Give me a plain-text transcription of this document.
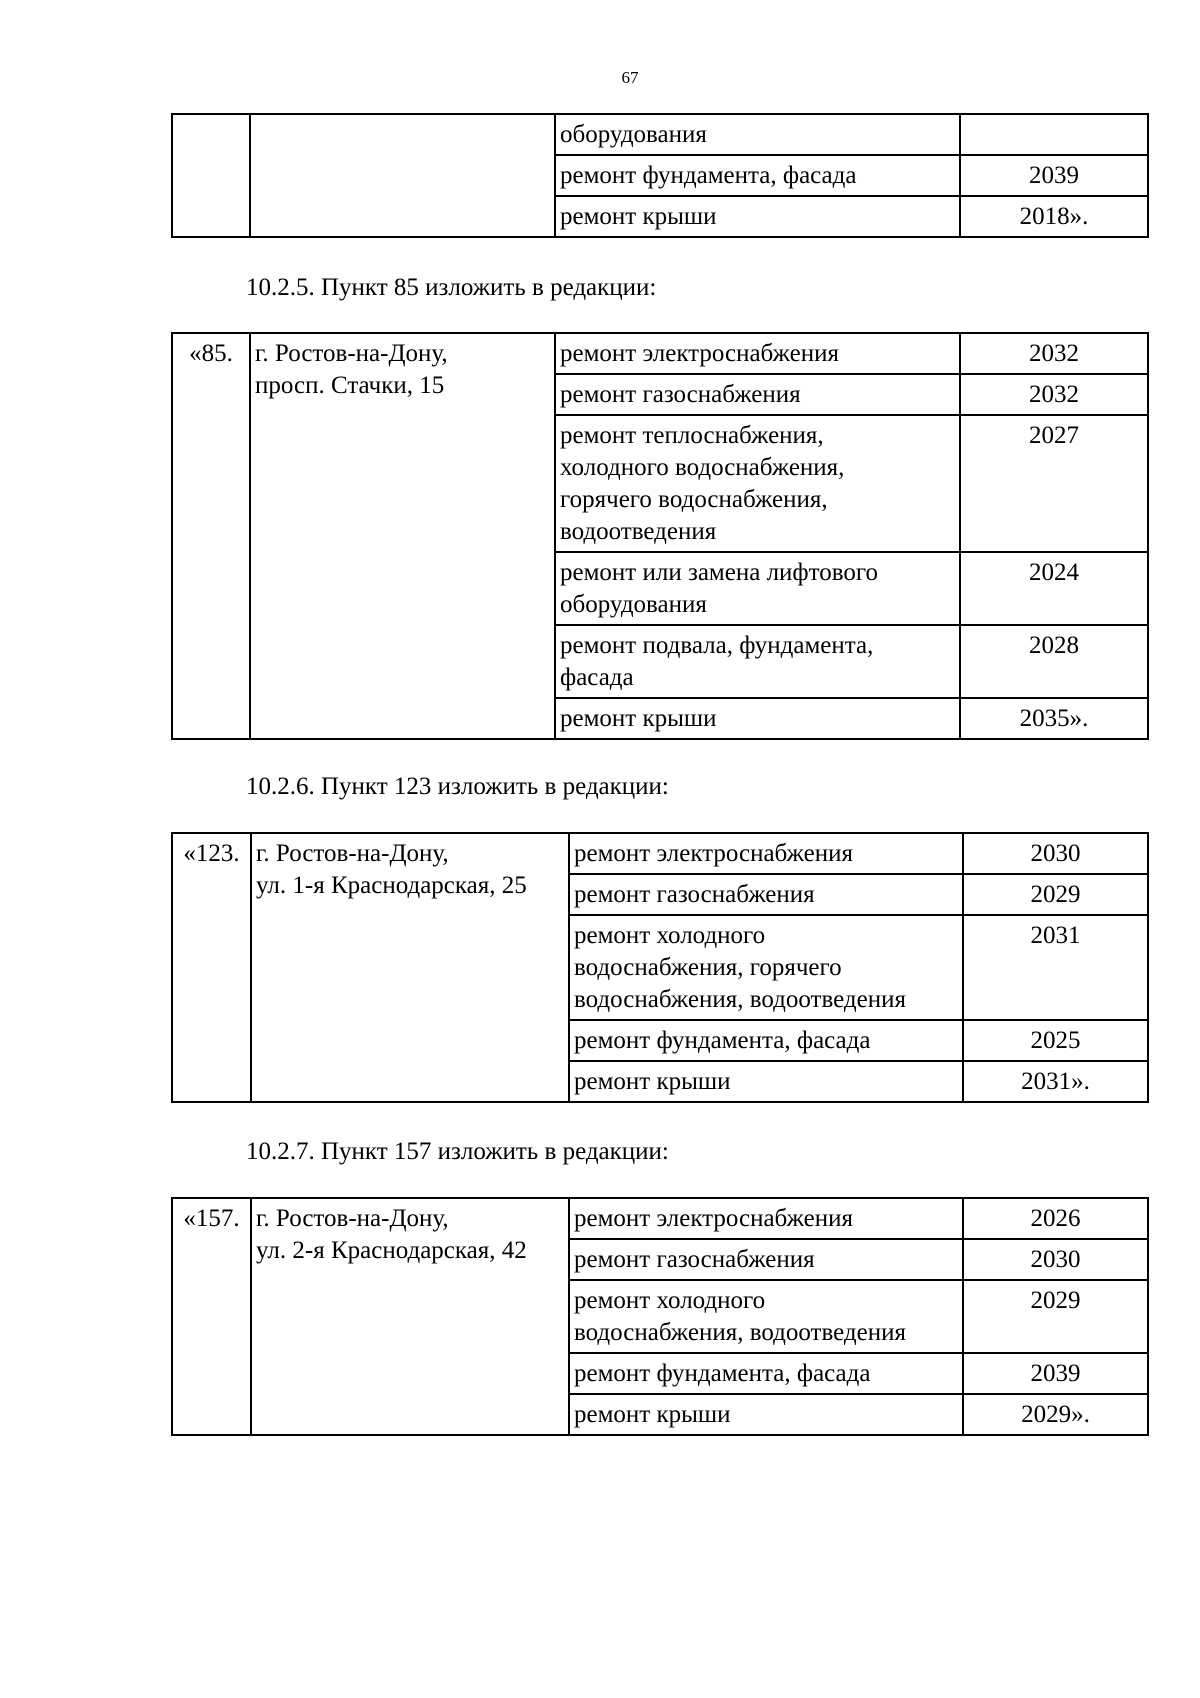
67
		оборудования	
		ремонт фундамента, фасада	2039
		ремонт крыши	2018».
10.2.5. Пункт 85 изложить в редакции:
«85.	г. Ростов-на-Дону,
просп. Стачки, 15	ремонт электроснабжения	2032
		ремонт газоснабжения	2032
		ремонт теплоснабжения,
холодного водоснабжения,
горячего водоснабжения,
водоотведения	2027
		ремонт или замена лифтового
оборудования	2024
		ремонт подвала, фундамента,
фасада	2028
		ремонт крыши	2035».
10.2.6. Пункт 123 изложить в редакции:
«123.	г. Ростов-на-Дону,
ул. 1-я Краснодарская, 25	ремонт электроснабжения	2030
		ремонт газоснабжения	2029
		ремонт холодного
водоснабжения, горячего
водоснабжения, водоотведения	2031
		ремонт фундамента, фасада	2025
		ремонт крыши	2031».
10.2.7. Пункт 157 изложить в редакции:
«157.	г. Ростов-на-Дону,
ул. 2-я Краснодарская, 42	ремонт электроснабжения	2026
		ремонт газоснабжения	2030
		ремонт холодного
водоснабжения, водоотведения	2029
		ремонт фундамента, фасада	2039
		ремонт крыши	2029».
